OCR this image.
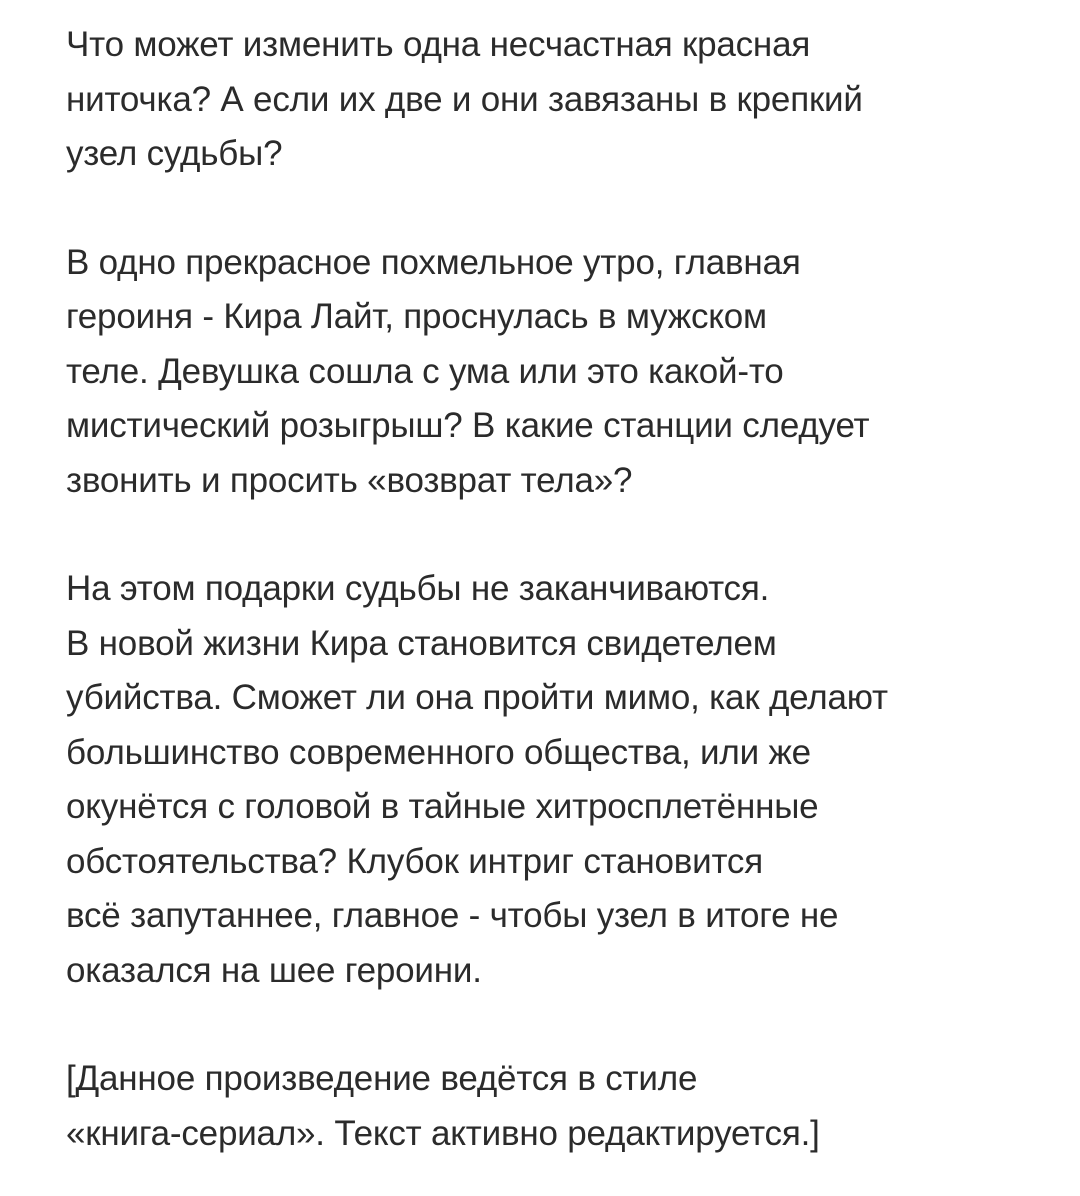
Что может изменить одна несчастная красная
ниточка? А если их две и они завязаны в крепкий
узел судьбы?
В одно прекрасное похмельное утро, главная
героиня - Кира Лайт, проснулась в мужском
теле. Девушка сошла с ума или это какой-то
мистический розыгрыш? В какие станции следует
звонить и просить «возврат тела»?
На этом подарки судьбы не заканчиваются.
В новой жизни Кира становится свидетелем
убийства. Сможет ли она пройти мимо, как делают
большинство современного общества, или же
окунётся с головой в тайные хитросплетённые
обстоятельства? Клубок интриг становится
всё запутаннее, главное - чтобы узел в итоге не
оказался на шее героини.
[Данное произведение ведётся в стиле
«книга-сериал». Текст активно редактируется.]
